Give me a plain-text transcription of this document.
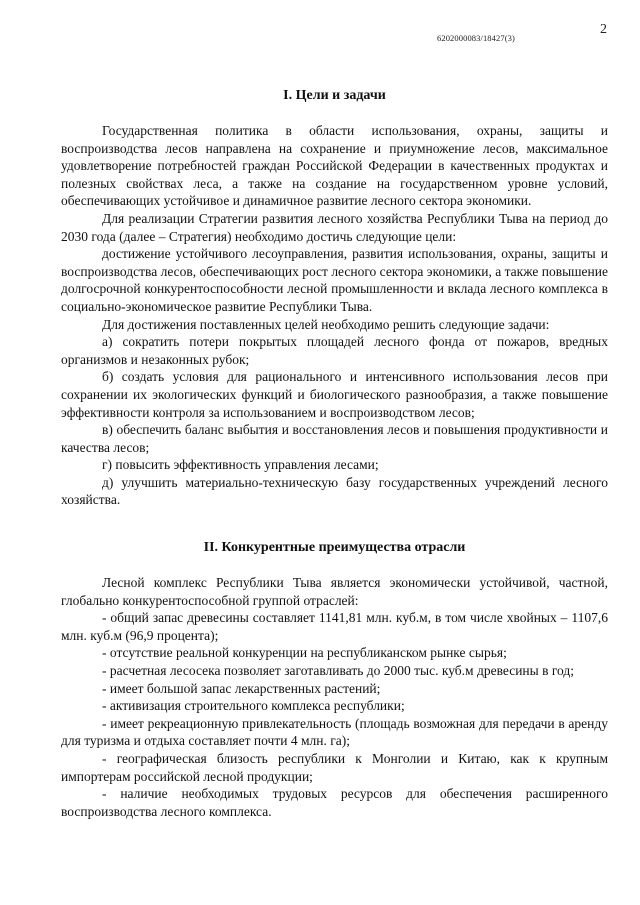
6202000083/18427(3)
2
I. Цели и задачи

Государственная политика в области использования, охраны, защиты и воспроизводства лесов направлена на сохранение и приумножение лесов, максимальное удовлетворение потребностей граждан Российской Федерации в качественных продуктах и полезных свойствах леса, а также на создание на государственном уровне условий, обеспечивающих устойчивое и динамичное развитие лесного сектора экономики.

Для реализации Стратегии развития лесного хозяйства Республики Тыва на период до 2030 года (далее – Стратегия) необходимо достичь следующие цели:

достижение устойчивого лесоуправления, развития использования, охраны, защиты и воспроизводства лесов, обеспечивающих рост лесного сектора экономики, а также повышение долгосрочной конкурентоспособности лесной промышленности и вклада лесного комплекса в социально-экономическое развитие Республики Тыва.

Для достижения поставленных целей необходимо решить следующие задачи:

а) сократить потери покрытых площадей лесного фонда от пожаров, вредных организмов и незаконных рубок;

б) создать условия для рационального и интенсивного использования лесов при сохранении их экологических функций и биологического разнообразия, а также повышение эффективности контроля за использованием и воспроизводством лесов;

в) обеспечить баланс выбытия и восстановления лесов и повышения продуктивности и качества лесов;

г) повысить эффективность управления лесами;

д) улучшить материально-техническую базу государственных учреждений лесного хозяйства.

II. Конкурентные преимущества отрасли

Лесной комплекс Республики Тыва является экономически устойчивой, частной, глобально конкурентоспособной группой отраслей:

- общий запас древесины составляет 1141,81 млн. куб.м, в том числе хвойных – 1107,6 млн. куб.м (96,9 процента);

- отсутствие реальной конкуренции на республиканском рынке сырья;

- расчетная лесосека позволяет заготавливать до 2000 тыс. куб.м древесины в год;

- имеет большой запас лекарственных растений;

- активизация строительного комплекса республики;

- имеет рекреационную привлекательность (площадь возможная для передачи в аренду для туризма и отдыха составляет почти 4 млн. га);

- географическая близость республики к Монголии и Китаю, как к крупным импортерам российской лесной продукции;

- наличие необходимых трудовых ресурсов для обеспечения расширенного воспроизводства лесного комплекса.
